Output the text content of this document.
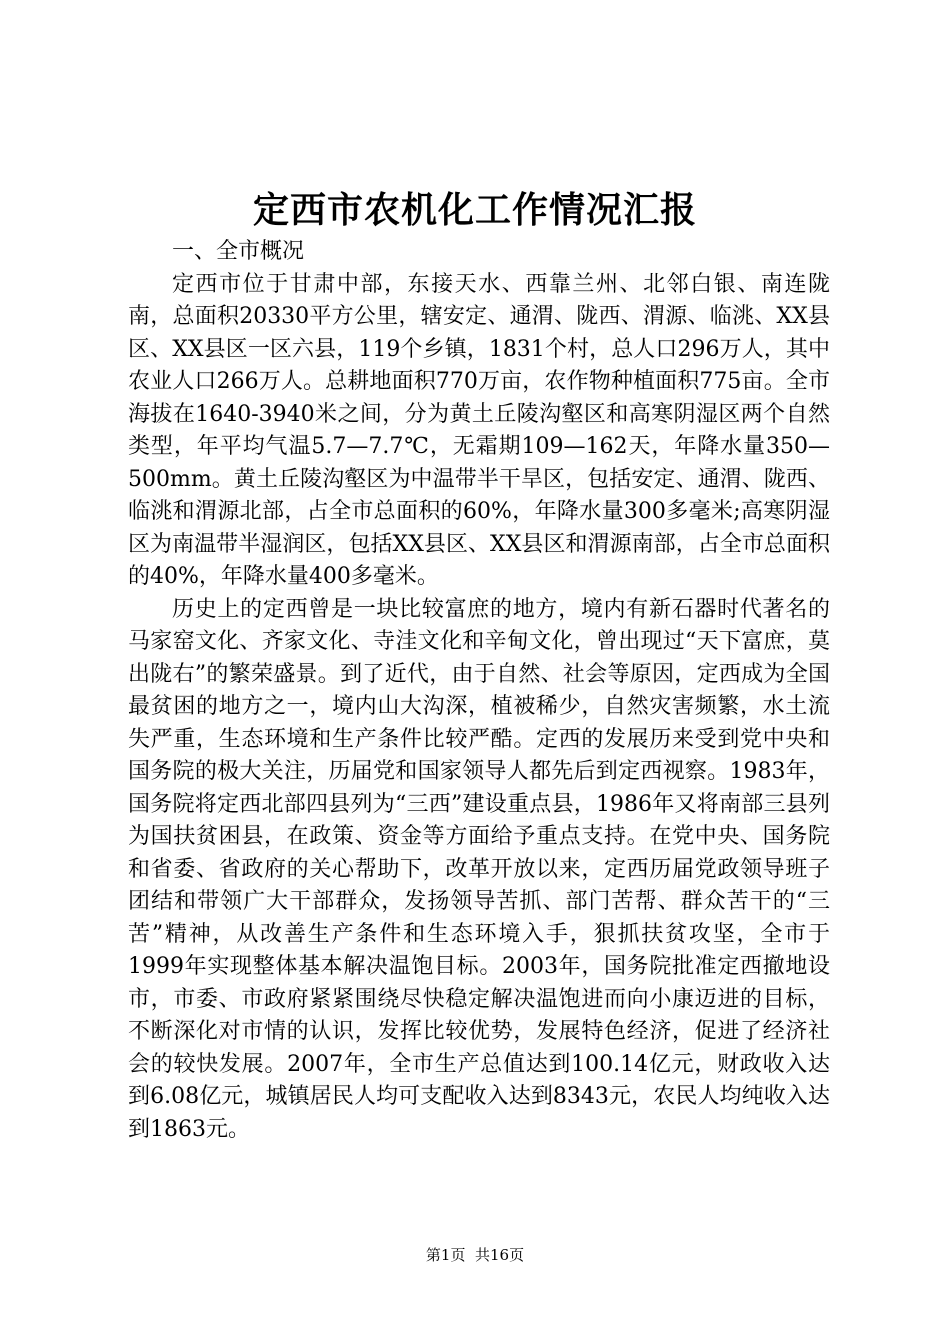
定西市农机化工作情况汇报

一、全市概况

定西市位于甘肃中部，东接天水、西靠兰州、北邻白银、南连陇南，总面积20330平方公里，辖安定、通渭、陇西、渭源、临洮、XX县区、XX县区一区六县，119个乡镇，1831个村，总人口296万人，其中农业人口266万人。总耕地面积770万亩，农作物种植面积775亩。全市海拔在1640-3940米之间，分为黄土丘陵沟壑区和高寒阴湿区两个自然类型，年平均气温5.7—7.7℃，无霜期109—162天，年降水量350—500mm。黄土丘陵沟壑区为中温带半干旱区，包括安定、通渭、陇西、临洮和渭源北部，占全市总面积的60%，年降水量300多毫米;高寒阴湿区为南温带半湿润区，包括XX县区、XX县区和渭源南部，占全市总面积的40%，年降水量400多毫米。

历史上的定西曾是一块比较富庶的地方，境内有新石器时代著名的马家窑文化、齐家文化、寺洼文化和辛甸文化，曾出现过“天下富庶，莫出陇右”的繁荣盛景。到了近代，由于自然、社会等原因，定西成为全国最贫困的地方之一，境内山大沟深，植被稀少，自然灾害频繁，水土流失严重，生态环境和生产条件比较严酷。定西的发展历来受到党中央和国务院的极大关注，历届党和国家领导人都先后到定西视察。1983年，国务院将定西北部四县列为“三西”建设重点县，1986年又将南部三县列为国扶贫困县，在政策、资金等方面给予重点支持。在党中央、国务院和省委、省政府的关心帮助下，改革开放以来，定西历届党政领导班子团结和带领广大干部群众，发扬领导苦抓、部门苦帮、群众苦干的“三苦”精神，从改善生产条件和生态环境入手，狠抓扶贫攻坚，全市于1999年实现整体基本解决温饱目标。2003年，国务院批准定西撤地设市，市委、市政府紧紧围绕尽快稳定解决温饱进而向小康迈进的目标，不断深化对市情的认识，发挥比较优势，发展特色经济，促进了经济社会的较快发展。2007年，全市生产总值达到100.14亿元，财政收入达到6.08亿元，城镇居民人均可支配收入达到8343元，农民人均纯收入达到1863元。

第1页  共16页
